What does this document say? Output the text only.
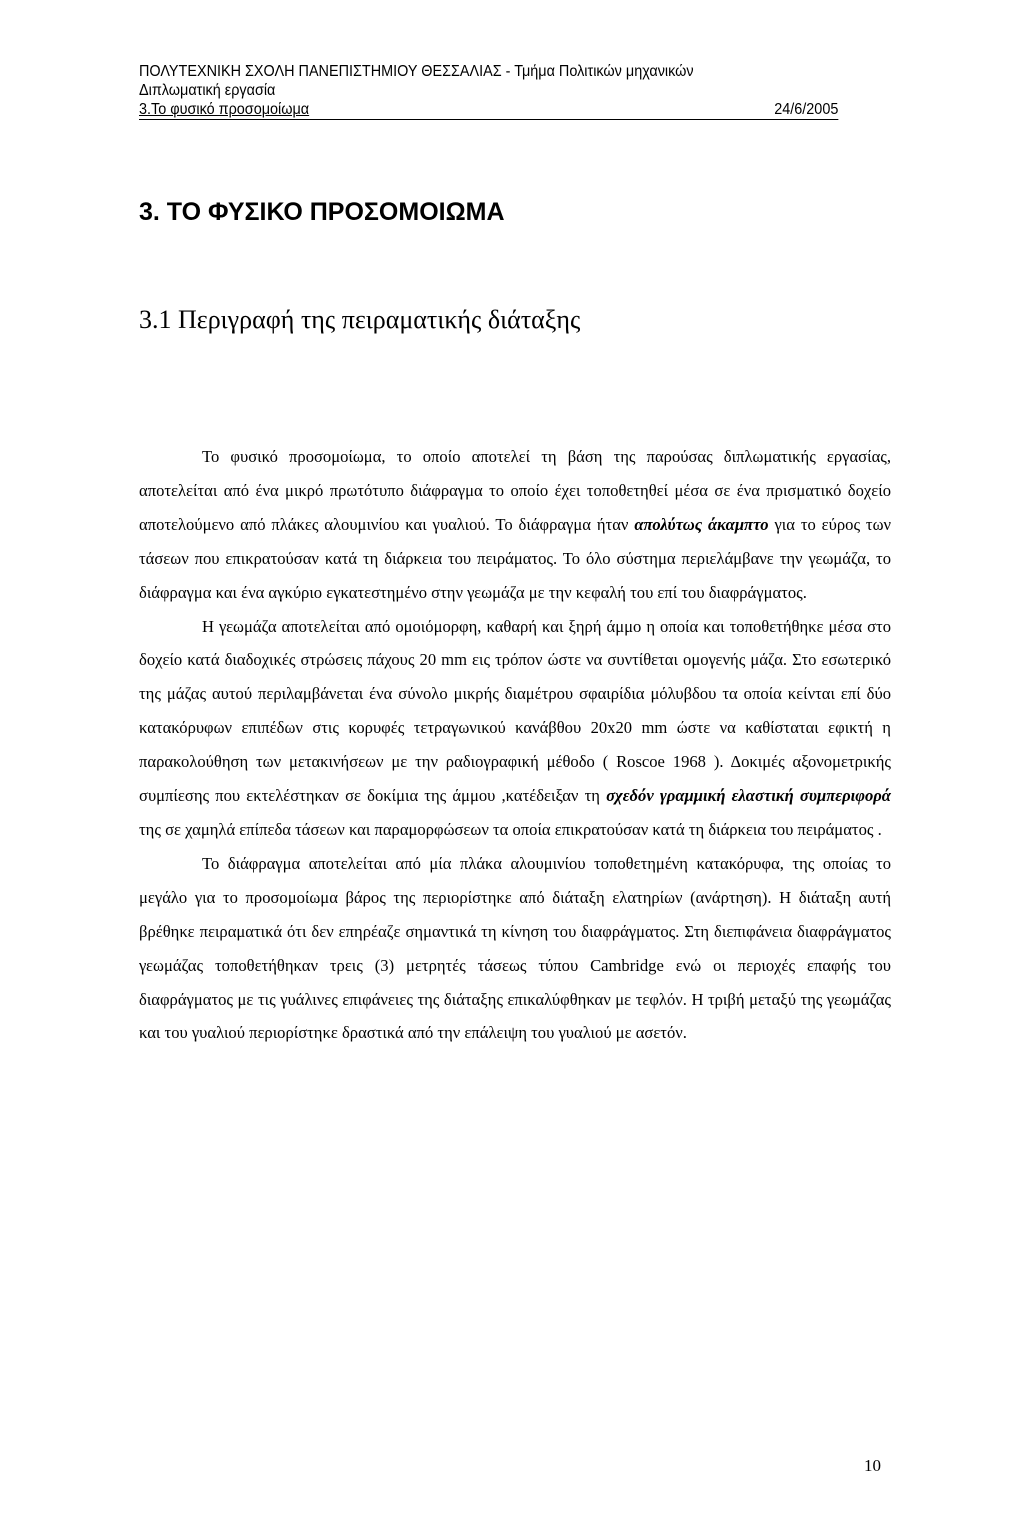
ΠΟΛΥΤΕΧΝΙΚΗ ΣΧΟΛΗ ΠΑΝΕΠΙΣΤΗΜΙΟΥ ΘΕΣΣΑΛΙΑΣ - Τμήμα Πολιτικών μηχανικών
Διπλωματική εργασία
3.Το φυσικό προσομοίωμα	24/6/2005
3. ΤΟ ΦΥΣΙΚΟ ΠΡΟΣΟΜΟΙΩΜΑ
3.1 Περιγραφή της πειραματικής διάταξης

Το φυσικό προσομοίωμα, το οποίο αποτελεί τη βάση της παρούσας διπλωματικής εργασίας, αποτελείται από ένα μικρό πρωτότυπο διάφραγμα το οποίο έχει τοποθετηθεί μέσα σε ένα πρισματικό δοχείο αποτελούμενο από πλάκες αλουμινίου και γυαλιού. Το διάφραγμα ήταν απολύτως άκαμπτο για το εύρος των τάσεων που επικρατούσαν κατά τη διάρκεια του πειράματος. Το όλο σύστημα περιελάμβανε την γεωμάζα, το διάφραγμα και ένα αγκύριο εγκατεστημένο στην γεωμάζα με την κεφαλή του επί του διαφράγματος.

Η γεωμάζα αποτελείται από ομοιόμορφη, καθαρή και ξηρή άμμο η οποία και τοποθετήθηκε μέσα στο δοχείο κατά διαδοχικές στρώσεις πάχους 20 mm εις τρόπον ώστε να συντίθεται ομογενής μάζα. Στο εσωτερικό της μάζας αυτού περιλαμβάνεται ένα σύνολο μικρής διαμέτρου σφαιρίδια μόλυβδου τα οποία κείνται επί δύο κατακόρυφων επιπέδων στις κορυφές τετραγωνικού κανάβθου 20x20 mm ώστε να καθίσταται εφικτή η παρακολούθηση των μετακινήσεων με την ραδιογραφική μέθοδο ( Roscoe 1968 ). Δοκιμές αξονομετρικής συμπίεσης που εκτελέστηκαν σε δοκίμια της άμμου ,κατέδειξαν τη σχεδόν γραμμική ελαστική συμπεριφορά της σε χαμηλά επίπεδα τάσεων και παραμορφώσεων τα οποία επικρατούσαν κατά τη διάρκεια του πειράματος .

Το διάφραγμα αποτελείται από μία πλάκα αλουμινίου τοποθετημένη κατακόρυφα, της οποίας το μεγάλο για το προσομοίωμα βάρος της περιορίστηκε από διάταξη ελατηρίων (ανάρτηση). Η διάταξη αυτή βρέθηκε πειραματικά ότι δεν επηρέαζε σημαντικά τη κίνηση του διαφράγματος. Στη διεπιφάνεια διαφράγματος γεωμάζας τοποθετήθηκαν τρεις (3) μετρητές τάσεως τύπου Cambridge ενώ οι περιοχές επαφής του διαφράγματος με τις γυάλινες επιφάνειες της διάταξης επικαλύφθηκαν με τεφλόν. Η τριβή μεταξύ της γεωμάζας και του γυαλιού περιορίστηκε δραστικά από την επάλειψη του γυαλιού με ασετόν.

10
